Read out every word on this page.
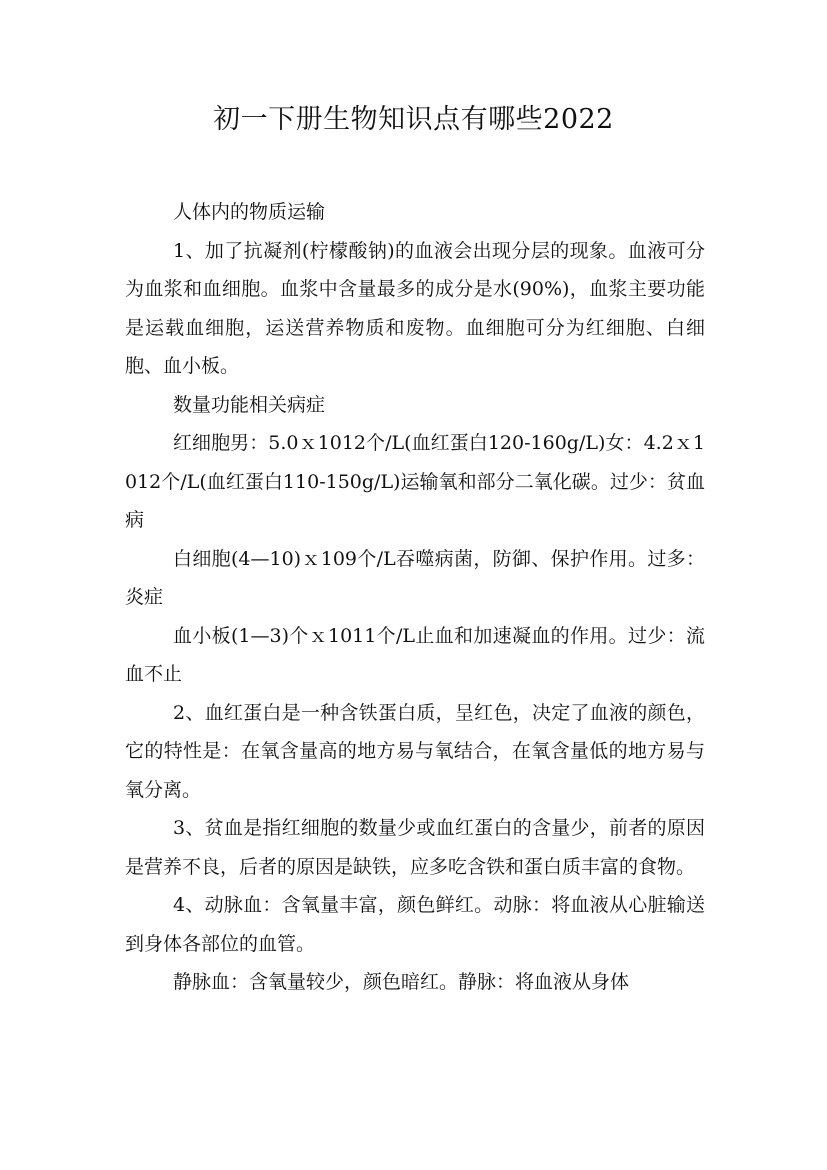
初一下册生物知识点有哪些2022

人体内的物质运输

1、加了抗凝剂(柠檬酸钠)的血液会出现分层的现象。血液可分为血浆和血细胞。血浆中含量最多的成分是水(90%)，血浆主要功能是运载血细胞，运送营养物质和废物。血细胞可分为红细胞、白细胞、血小板。

数量功能相关病症

红细胞男：5.0ｘ1012个/L(血红蛋白120-160g/L)女：4.2ｘ1012个/L(血红蛋白110-150g/L)运输氧和部分二氧化碳。过少：贫血病

白细胞(4—10)ｘ109个/L吞噬病菌，防御、保护作用。过多：炎症

血小板(1—3)个ｘ1011个/L止血和加速凝血的作用。过少：流血不止

2、血红蛋白是一种含铁蛋白质，呈红色，决定了血液的颜色，它的特性是：在氧含量高的地方易与氧结合，在氧含量低的地方易与氧分离。

3、贫血是指红细胞的数量少或血红蛋白的含量少，前者的原因是营养不良，后者的原因是缺铁，应多吃含铁和蛋白质丰富的食物。

4、动脉血：含氧量丰富，颜色鲜红。动脉：将血液从心脏输送到身体各部位的血管。

静脉血：含氧量较少，颜色暗红。静脉：将血液从身体
